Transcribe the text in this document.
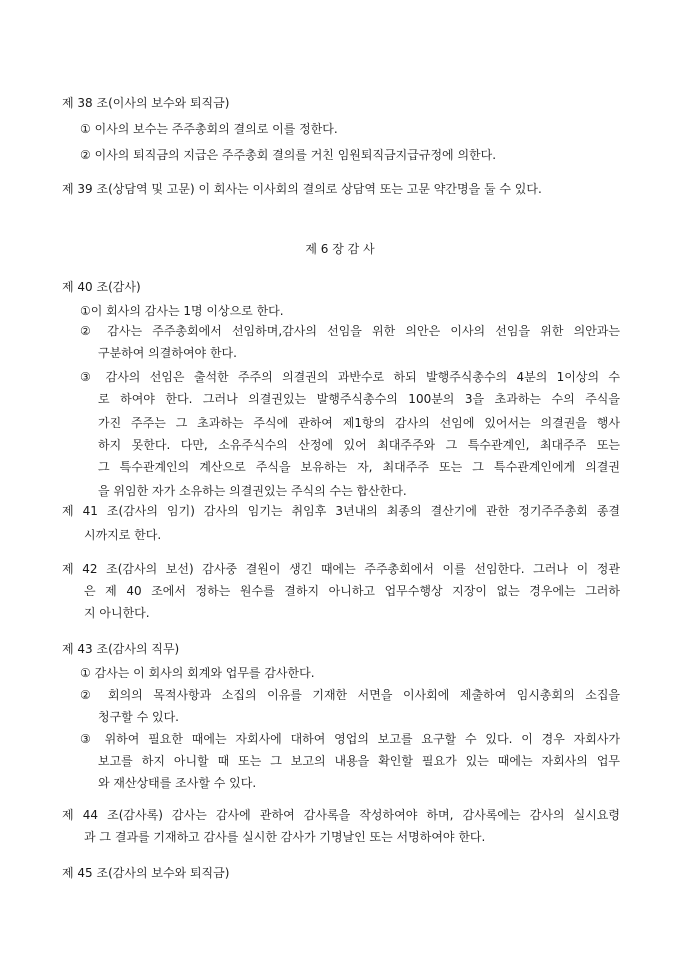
제 38 조(이사의 보수와 퇴직금)
① 이사의 보수는 주주총회의 결의로 이를 정한다.
② 이사의 퇴직금의 지급은 주주총회 결의를 거친 임원퇴직금지급규정에 의한다.
제 39 조(상담역 및 고문) 이 회사는 이사회의 결의로 상담역 또는 고문 약간명을 둘 수 있다.
제 6 장 감 사
제 40 조(감사)
①이 회사의 감사는 1명 이상으로 한다.
② 감사는 주주총회에서 선임하며,감사의 선임을 위한 의안은 이사의 선임을 위한 의안과는
구분하여 의결하여야 한다.
③ 감사의 선임은 출석한 주주의 의결권의 과반수로 하되 발행주식총수의 4분의 1이상의 수
로 하여야 한다. 그러나 의결권있는 발행주식총수의 100분의 3을 초과하는 수의 주식을
가진 주주는 그 초과하는 주식에 관하여 제1항의 감사의 선임에 있어서는 의결권을 행사
하지 못한다. 다만, 소유주식수의 산정에 있어 최대주주와 그 특수관계인, 최대주주 또는
그 특수관계인의 계산으로 주식을 보유하는 자, 최대주주 또는 그 특수관계인에게 의결권
을 위임한 자가 소유하는 의결권있는 주식의 수는 합산한다.
제 41 조(감사의 임기) 감사의 임기는 취임후 3년내의 최종의 결산기에 관한 정기주주총회 종결
시까지로 한다.
제 42 조(감사의 보선) 감사중 결원이 생긴 때에는 주주총회에서 이를 선임한다. 그러나 이 정관
은 제 40 조에서 정하는 원수를 결하지 아니하고 업무수행상 지장이 없는 경우에는 그러하
지 아니한다.
제 43 조(감사의 직무)
① 감사는 이 회사의 회계와 업무를 감사한다.
② 회의의 목적사항과 소집의 이유를 기재한 서면을 이사회에 제출하여 임시총회의 소집을
청구할 수 있다.
③ 위하여 필요한 때에는 자회사에 대하여 영업의 보고를 요구할 수 있다. 이 경우 자회사가
보고를 하지 아니할 때 또는 그 보고의 내용을 확인할 필요가 있는 때에는 자회사의 업무
와 재산상태를 조사할 수 있다.
제 44 조(감사록) 감사는 감사에 관하여 감사록을 작성하여야 하며, 감사록에는 감사의 실시요령
과 그 결과를 기재하고 감사를 실시한 감사가 기명날인 또는 서명하여야 한다.
제 45 조(감사의 보수와 퇴직금)
